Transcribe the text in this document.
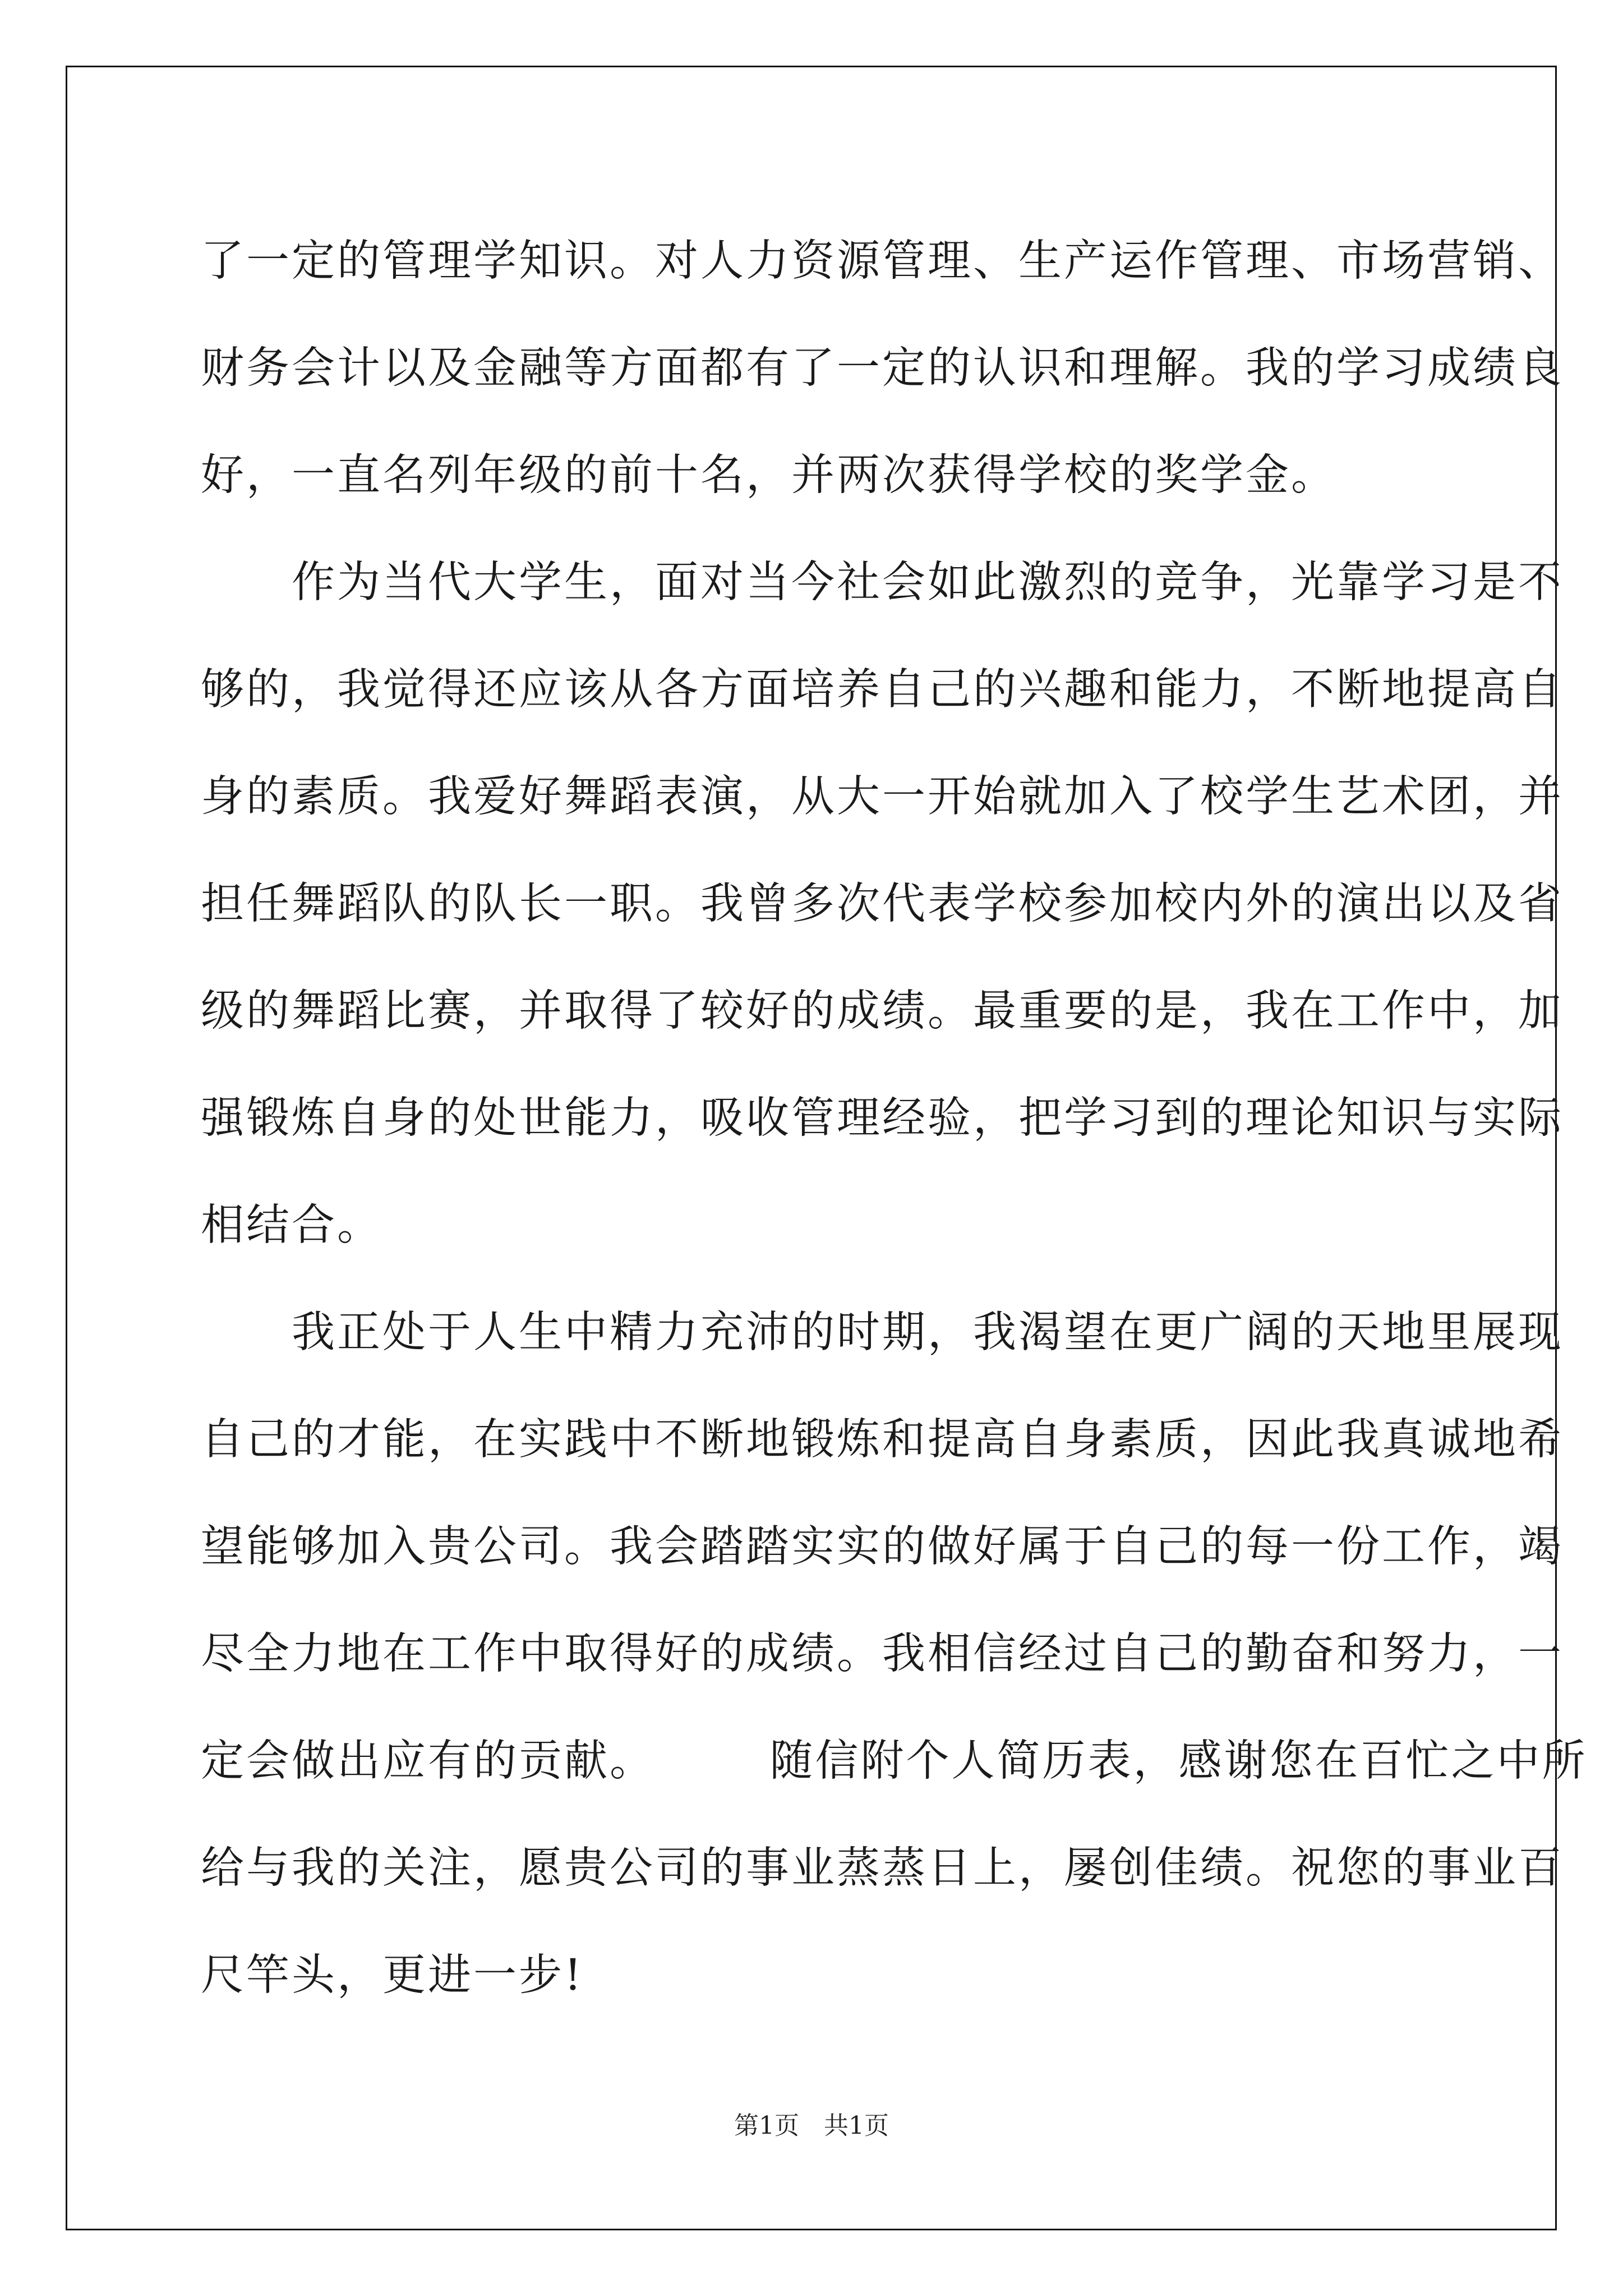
了一定的管理学知识。对人力资源管理、生产运作管理、市场营销、
财务会计以及金融等方面都有了一定的认识和理解。我的学习成绩良
好，一直名列年级的前十名，并两次获得学校的奖学金。
　　作为当代大学生，面对当今社会如此激烈的竞争，光靠学习是不
够的，我觉得还应该从各方面培养自己的兴趣和能力，不断地提高自
身的素质。我爱好舞蹈表演，从大一开始就加入了校学生艺术团，并
担任舞蹈队的队长一职。我曾多次代表学校参加校内外的演出以及省
级的舞蹈比赛，并取得了较好的成绩。最重要的是，我在工作中，加
强锻炼自身的处世能力，吸收管理经验，把学习到的理论知识与实际
相结合。
　　我正处于人生中精力充沛的时期，我渴望在更广阔的天地里展现
自己的才能，在实践中不断地锻炼和提高自身素质，因此我真诚地希
望能够加入贵公司。我会踏踏实实的做好属于自己的每一份工作，竭
尽全力地在工作中取得好的成绩。我相信经过自己的勤奋和努力，一
定会做出应有的贡献。　　　随信附个人简历表，感谢您在百忙之中所
给与我的关注，愿贵公司的事业蒸蒸日上，屡创佳绩。祝您的事业百
尺竿头，更进一步!
第1页　共1页
